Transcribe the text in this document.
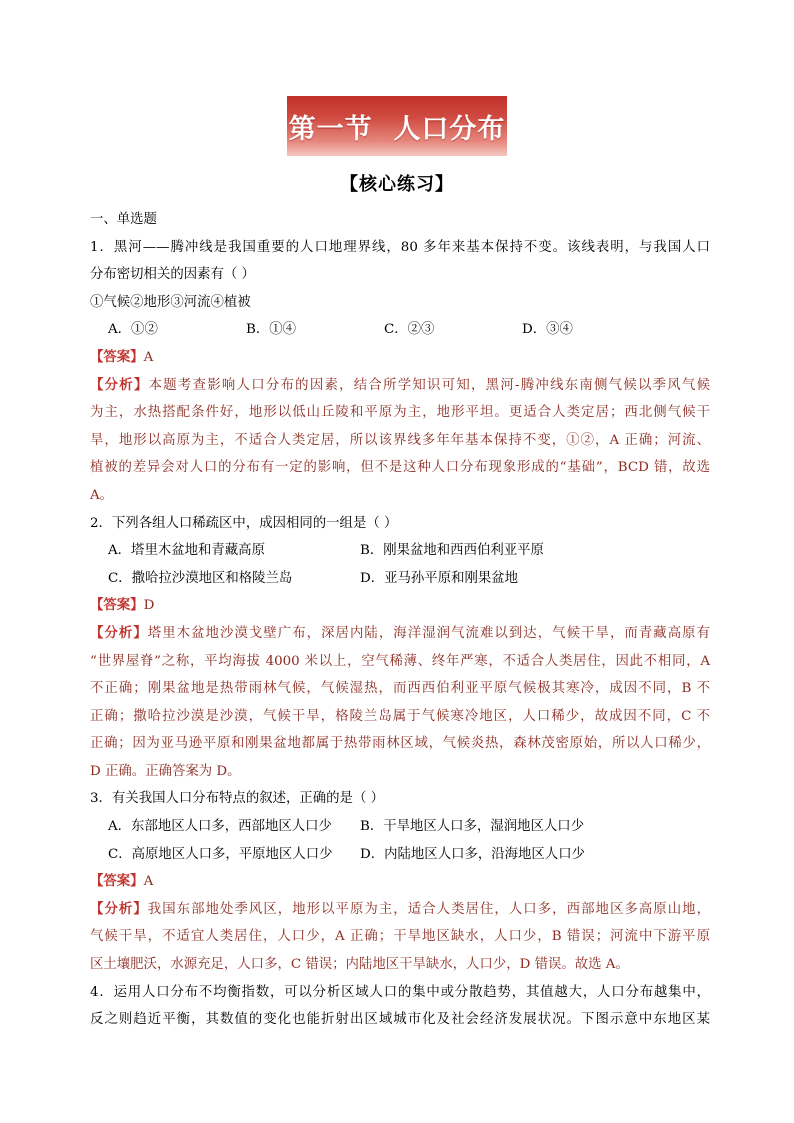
第一节  人口分布
【核心练习】
一、单选题
1．黑河——腾冲线是我国重要的人口地理界线，80 多年来基本保持不变。该线表明，与我国人口
分布密切相关的因素有（ ）
①气候②地形③河流④植被
A．①②	B．①④	C．②③	D．③④
【答案】A
【分析】本题考查影响人口分布的因素，结合所学知识可知，黑河-腾冲线东南侧气候以季风气候
为主，水热搭配条件好，地形以低山丘陵和平原为主，地形平坦。更适合人类定居；西北侧气候干
旱，地形以高原为主，不适合人类定居，所以该界线多年年基本保持不变，①②，A 正确；河流、
植被的差异会对人口的分布有一定的影响，但不是这种人口分布现象形成的“基础”，BCD 错，故选
A。
2．下列各组人口稀疏区中，成因相同的一组是（ ）
A．塔里木盆地和青藏高原	B．刚果盆地和西西伯利亚平原
C．撒哈拉沙漠地区和格陵兰岛	D．亚马孙平原和刚果盆地
【答案】D
【分析】塔里木盆地沙漠戈壁广布，深居内陆，海洋湿润气流难以到达，气候干旱，而青藏高原有
“世界屋脊”之称，平均海拔 4000 米以上，空气稀薄、终年严寒，不适合人类居住，因此不相同，A
不正确；刚果盆地是热带雨林气候，气候湿热，而西西伯利亚平原气候极其寒冷，成因不同，B 不
正确；撒哈拉沙漠是沙漠，气候干旱，格陵兰岛属于气候寒冷地区，人口稀少，故成因不同，C 不
正确；因为亚马逊平原和刚果盆地都属于热带雨林区域，气候炎热，森林茂密原始，所以人口稀少，
D 正确。正确答案为 D。
3．有关我国人口分布特点的叙述，正确的是（ ）
A．东部地区人口多，西部地区人口少	B．干旱地区人口多，湿润地区人口少
C．高原地区人口多，平原地区人口少	D．内陆地区人口多，沿海地区人口少
【答案】A
【分析】我国东部地处季风区，地形以平原为主，适合人类居住，人口多，西部地区多高原山地，
气候干旱，不适宜人类居住，人口少，A 正确；干旱地区缺水，人口少，B 错误；河流中下游平原
区土壤肥沃，水源充足，人口多，C 错误；内陆地区干旱缺水，人口少，D 错误。故选 A。
4．运用人口分布不均衡指数，可以分析区域人口的集中或分散趋势，其值越大，人口分布越集中，
反之则趋近平衡，其数值的变化也能折射出区域城市化及社会经济发展状况。下图示意中东地区某
